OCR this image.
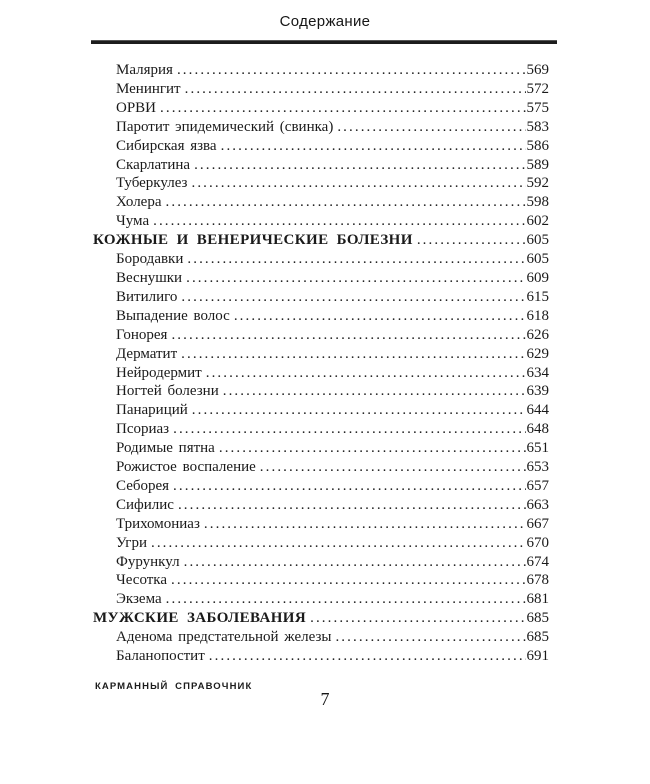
Содержание
Малярия .....	569
Менингит .....	572
ОРВИ .....	575
Паротит эпидемический (свинка) .....	583
Сибирская язва .....	586
Скарлатина .....	589
Туберкулез .....	592
Холера .....	598
Чума .....	602
КОЖНЫЕ И ВЕНЕРИЧЕСКИЕ БОЛЕЗНИ .....	605
Бородавки .....	605
Веснушки .....	609
Витилиго .....	615
Выпадение волос .....	618
Гонорея .....	626
Дерматит .....	629
Нейродермит .....	634
Ногтей болезни .....	639
Панариций .....	644
Псориаз .....	648
Родимые пятна .....	651
Рожистое воспаление .....	653
Себорея .....	657
Сифилис .....	663
Трихомониаз .....	667
Угри .....	670
Фурункул .....	674
Чесотка .....	678
Экзема .....	681
МУЖСКИЕ ЗАБОЛЕВАНИЯ .....	685
Аденома предстательной железы .....	685
Баланопостит .....	691
КАРМАННЫЙ СПРАВОЧНИК
7
